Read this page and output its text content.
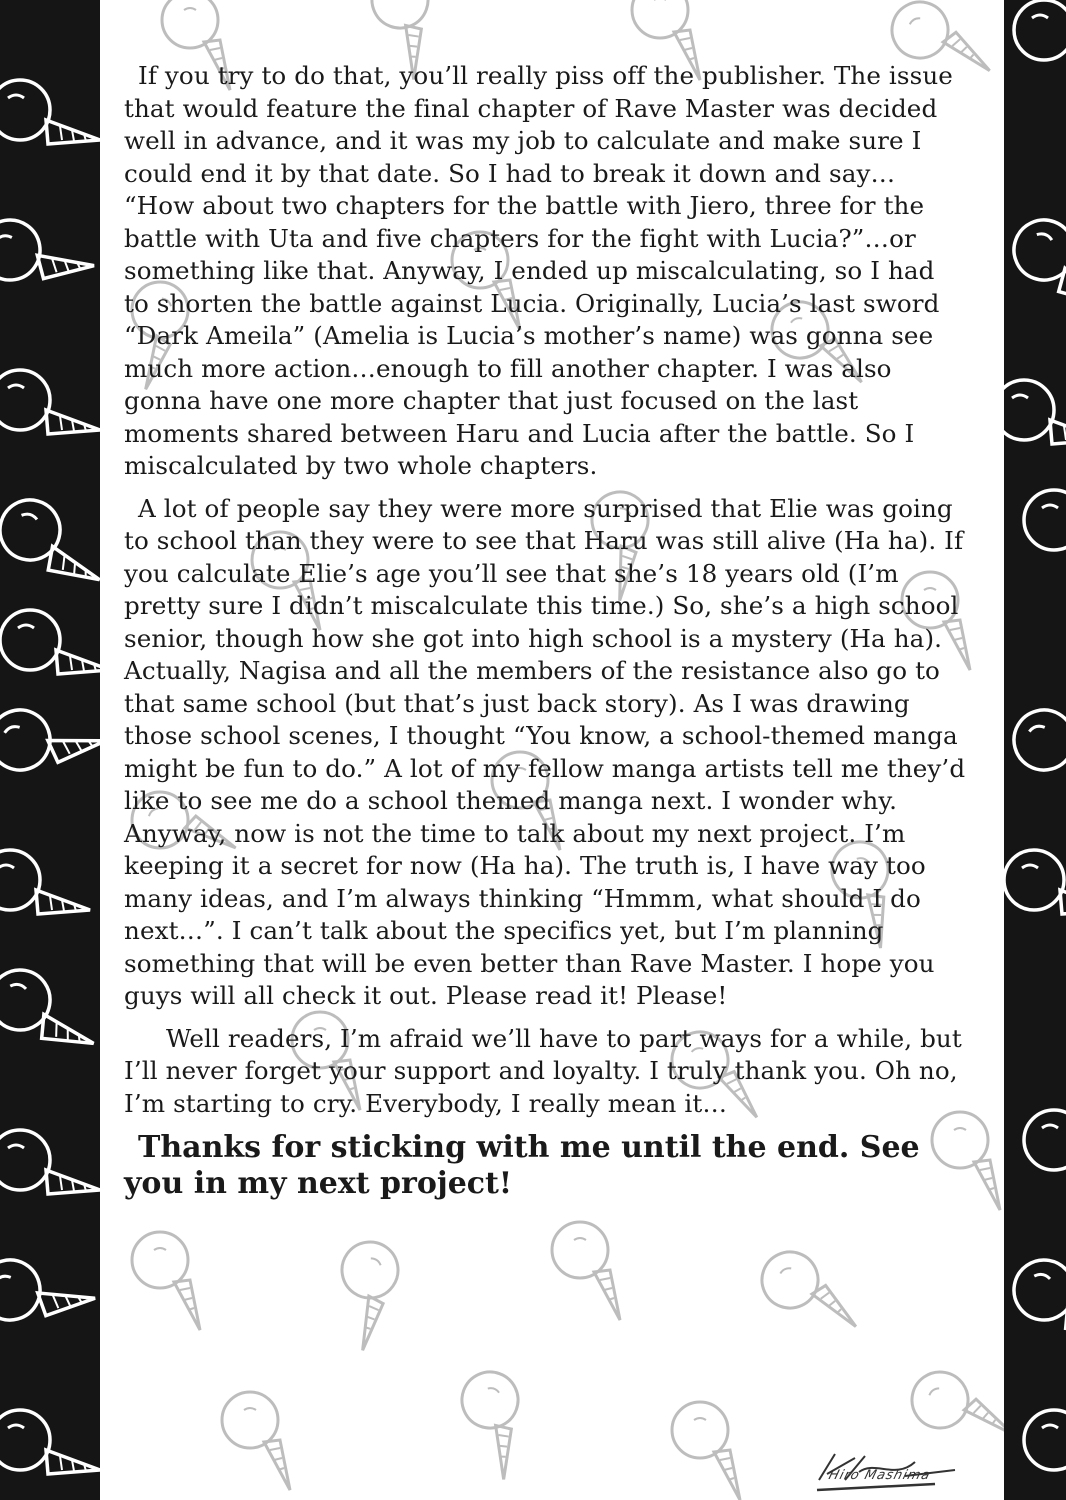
If you try to do that, you’ll really piss off the publisher. The issue that would feature the final chapter of Rave Master was decided well in advance, and it was my job to calculate and make sure I could end it by that date. So I had to break it down and say… “How about two chapters for the battle with Jiero, three for the battle with Uta and five chapters for the fight with Lucia?”…or something like that. Anyway, I ended up miscalculating, so I had to shorten the battle against Lucia. Originally, Lucia’s last sword “Dark Ameila” (Amelia is Lucia’s mother’s name) was gonna see much more action…enough to fill another chapter. I was also gonna have one more chapter that just focused on the last moments shared between Haru and Lucia after the battle. So I miscalculated by two whole chapters.

A lot of people say they were more surprised that Elie was going to school than they were to see that Haru was still alive (Ha ha). If you calculate Elie’s age you’ll see that she’s 18 years old (I’m pretty sure I didn’t miscalculate this time.) So, she’s a high school senior, though how she got into high school is a mystery (Ha ha). Actually, Nagisa and all the members of the resistance also go to that same school (but that’s just back story). As I was drawing those school scenes, I thought “You know, a school-themed manga might be fun to do.” A lot of my fellow manga artists tell me they’d like to see me do a school themed manga next. I wonder why. Anyway, now is not the time to talk about my next project. I’m keeping it a secret for now (Ha ha). The truth is, I have way too many ideas, and I’m always thinking “Hmmm, what should I do next…”. I can’t talk about the specifics yet, but I’m planning something that will be even better than Rave Master. I hope you guys will all check it out. Please read it! Please!

Well readers, I’m afraid we’ll have to part ways for a while, but I’ll never forget your support and loyalty. I truly thank you. Oh no, I’m starting to cry. Everybody, I really mean it…

Thanks for sticking with me until the end. See you in my next project!

Hiro Mashima
